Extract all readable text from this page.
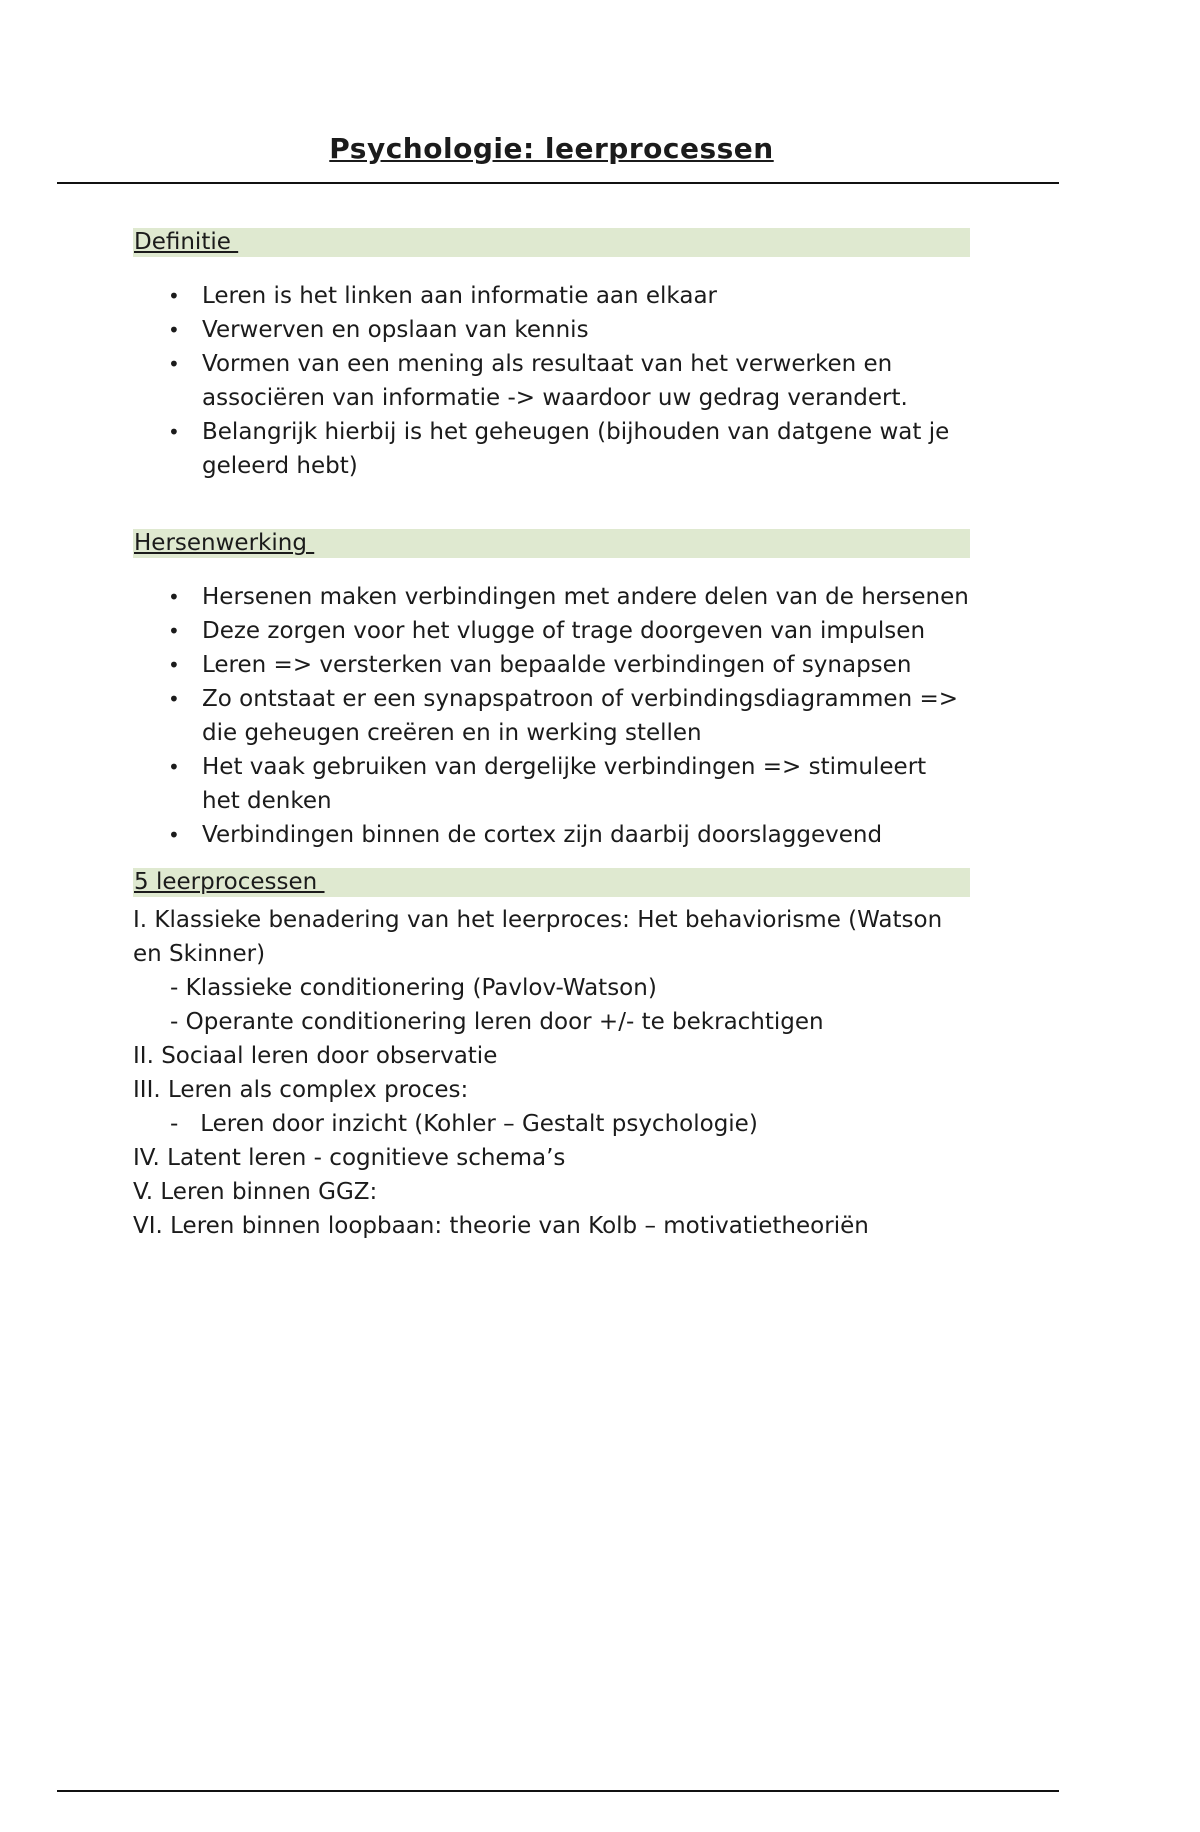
Psychologie: leerprocessen
Definitie
• Leren is het linken aan informatie aan elkaar
• Verwerven en opslaan van kennis
• Vormen van een mening als resultaat van het verwerken en associëren van informatie -> waardoor uw gedrag verandert.
• Belangrijk hierbij is het geheugen (bijhouden van datgene wat je geleerd hebt)
Hersenwerking
• Hersenen maken verbindingen met andere delen van de hersenen
• Deze zorgen voor het vlugge of trage doorgeven van impulsen
• Leren => versterken van bepaalde verbindingen of synapsen
• Zo ontstaat er een synapspatroon of verbindingsdiagrammen =>  die geheugen creëren en in werking stellen
• Het vaak gebruiken van dergelijke verbindingen => stimuleert het denken
• Verbindingen binnen de cortex zijn daarbij doorslaggevend
5 leerprocessen
I. Klassieke benadering van het leerproces: Het behaviorisme (Watson en Skinner)
- Klassieke conditionering (Pavlov-Watson)
- Operante conditionering leren door +/- te bekrachtigen
II. Sociaal leren door observatie
III. Leren als complex proces:
-   Leren door inzicht (Kohler – Gestalt psychologie)
IV. Latent leren - cognitieve schema’s
V. Leren binnen GGZ:
VI. Leren binnen loopbaan: theorie van Kolb – motivatietheoriën
